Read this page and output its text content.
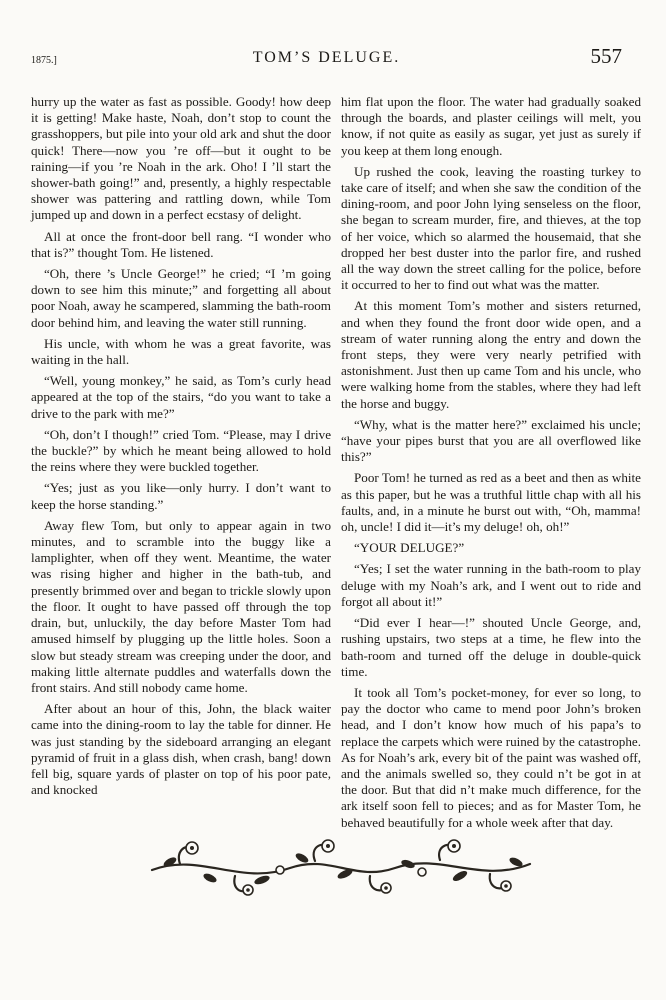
1875.]	TOM’S DELUGE.	557

hurry up the water as fast as possible. Goody! how deep it is getting! Make haste, Noah, don’t stop to count the grasshoppers, but pile into your old ark and shut the door quick! There—now you ’re off—but it ought to be raining—if you ’re Noah in the ark. Oho! I ’ll start the shower-bath going!” and, presently, a highly respectable shower was pattering and rattling down, while Tom jumped up and down in a perfect ecstasy of delight.

All at once the front-door bell rang. “I wonder who that is?” thought Tom. He listened.

“Oh, there ’s Uncle George!” he cried; “I ’m going down to see him this minute;” and forgetting all about poor Noah, away he scampered, slamming the bath-room door behind him, and leaving the water still running.

His uncle, with whom he was a great favorite, was waiting in the hall.

“Well, young monkey,” he said, as Tom’s curly head appeared at the top of the stairs, “do you want to take a drive to the park with me?”

“Oh, don’t I though!” cried Tom. “Please, may I drive the buckle?” by which he meant being allowed to hold the reins where they were buckled together.

“Yes; just as you like—only hurry. I don’t want to keep the horse standing.”

Away flew Tom, but only to appear again in two minutes, and to scramble into the buggy like a lamplighter, when off they went. Meantime, the water was rising higher and higher in the bath-tub, and presently brimmed over and began to trickle slowly upon the floor. It ought to have passed off through the top drain, but, unluckily, the day before Master Tom had amused himself by plugging up the little holes. Soon a slow but steady stream was creeping under the door, and making little alternate puddles and waterfalls down the front stairs. And still nobody came home.

After about an hour of this, John, the black waiter came into the dining-room to lay the table for dinner. He was just standing by the sideboard arranging an elegant pyramid of fruit in a glass dish, when crash, bang! down fell big, square yards of plaster on top of his poor pate, and knocked

him flat upon the floor. The water had gradually soaked through the boards, and plaster ceilings will melt, you know, if not quite as easily as sugar, yet just as surely if you keep at them long enough.

Up rushed the cook, leaving the roasting turkey to take care of itself; and when she saw the condition of the dining-room, and poor John lying senseless on the floor, she began to scream murder, fire, and thieves, at the top of her voice, which so alarmed the housemaid, that she dropped her best duster into the parlor fire, and rushed all the way down the street calling for the police, before it occurred to her to find out what was the matter.

At this moment Tom’s mother and sisters returned, and when they found the front door wide open, and a stream of water running along the entry and down the front steps, they were very nearly petrified with astonishment. Just then up came Tom and his uncle, who were walking home from the stables, where they had left the horse and buggy.

“Why, what is the matter here?” exclaimed his uncle; “have your pipes burst that you are all overflowed like this?”

Poor Tom! he turned as red as a beet and then as white as this paper, but he was a truthful little chap with all his faults, and, in a minute he burst out with, “Oh, mamma! oh, uncle! I did it—it’s my deluge! oh, oh!”

“YOUR DELUGE?”

“Yes; I set the water running in the bath-room to play deluge with my Noah’s ark, and I went out to ride and forgot all about it!”

“Did ever I hear—!” shouted Uncle George, and, rushing upstairs, two steps at a time, he flew into the bath-room and turned off the deluge in double-quick time.

It took all Tom’s pocket-money, for ever so long, to pay the doctor who came to mend poor John’s broken head, and I don’t know how much of his papa’s to replace the carpets which were ruined by the catastrophe. As for Noah’s ark, every bit of the paint was washed off, and the animals swelled so, they could n’t be got in at the door. But that did n’t make much difference, for the ark itself soon fell to pieces; and as for Master Tom, he behaved beautifully for a whole week after that day.
